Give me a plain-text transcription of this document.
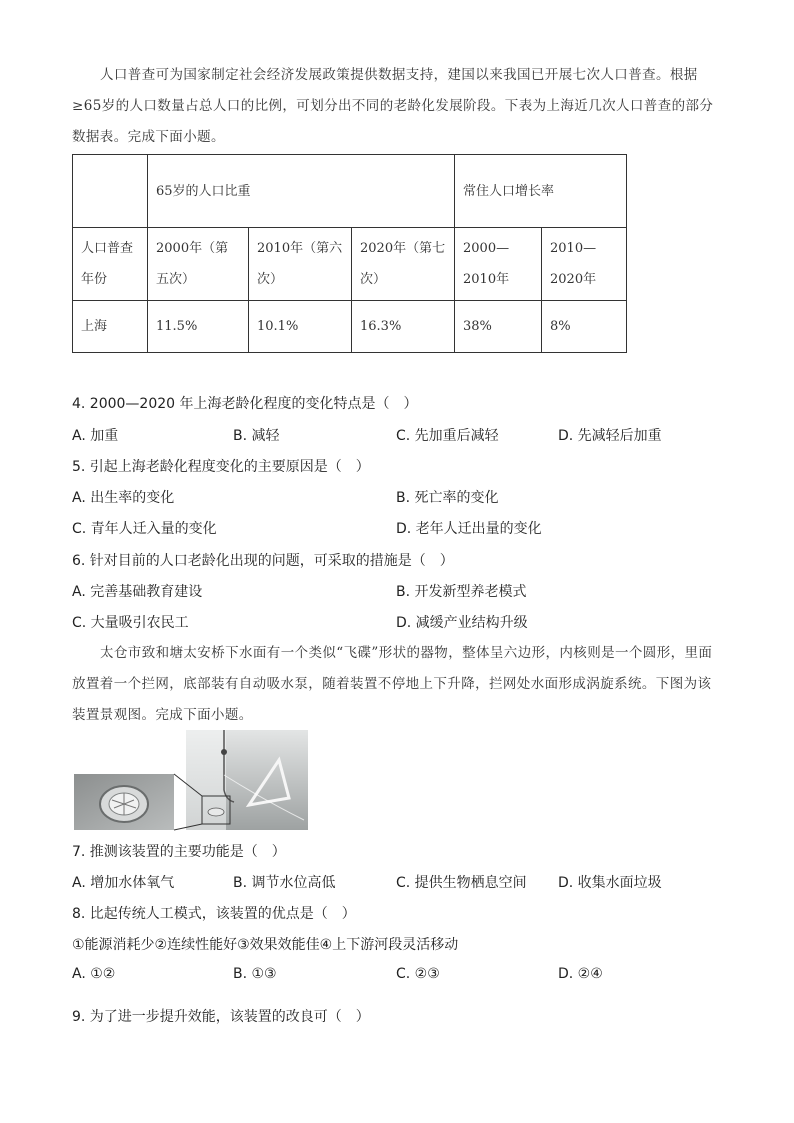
人口普查可为国家制定社会经济发展政策提供数据支持，建国以来我国已开展七次人口普查。根据≥65岁的人口数量占总人口的比例，可划分出不同的老龄化发展阶段。下表为上海近几次人口普查的部分数据表。完成下面小题。
	65岁的人口比重			常住人口增长率	
人口普查年份	2000年（第五次）	2010年（第六次）	2020年（第七次）	2000—2010年	2010—2020年
上海	11.5%	10.1%	16.3%	38%	8%
4. 2000—2020 年上海老龄化程度的变化特点是（　）
A. 加重	B. 减轻	C. 先加重后减轻	D. 先减轻后加重
5. 引起上海老龄化程度变化的主要原因是（　）
A. 出生率的变化	B. 死亡率的变化
C. 青年人迁入量的变化	D. 老年人迁出量的变化
6. 针对目前的人口老龄化出现的问题，可采取的措施是（　）
A. 完善基础教育建设	B. 开发新型养老模式
C. 大量吸引农民工	D. 减缓产业结构升级
太仓市致和塘太安桥下水面有一个类似“飞碟”形状的器物，整体呈六边形，内核则是一个圆形，里面放置着一个拦网，底部装有自动吸水泵，随着装置不停地上下升降，拦网处水面形成涡旋系统。下图为该装置景观图。完成下面小题。
7. 推测该装置的主要功能是（　）
A. 增加水体氧气	B. 调节水位高低	C. 提供生物栖息空间 D. 收集水面垃圾
8. 比起传统人工模式，该装置的优点是（　）
①能源消耗少②连续性能好③效果效能佳④上下游河段灵活移动
A. ①②	B. ①③	C. ②③	D. ②④
9. 为了进一步提升效能，该装置的改良可（　）
